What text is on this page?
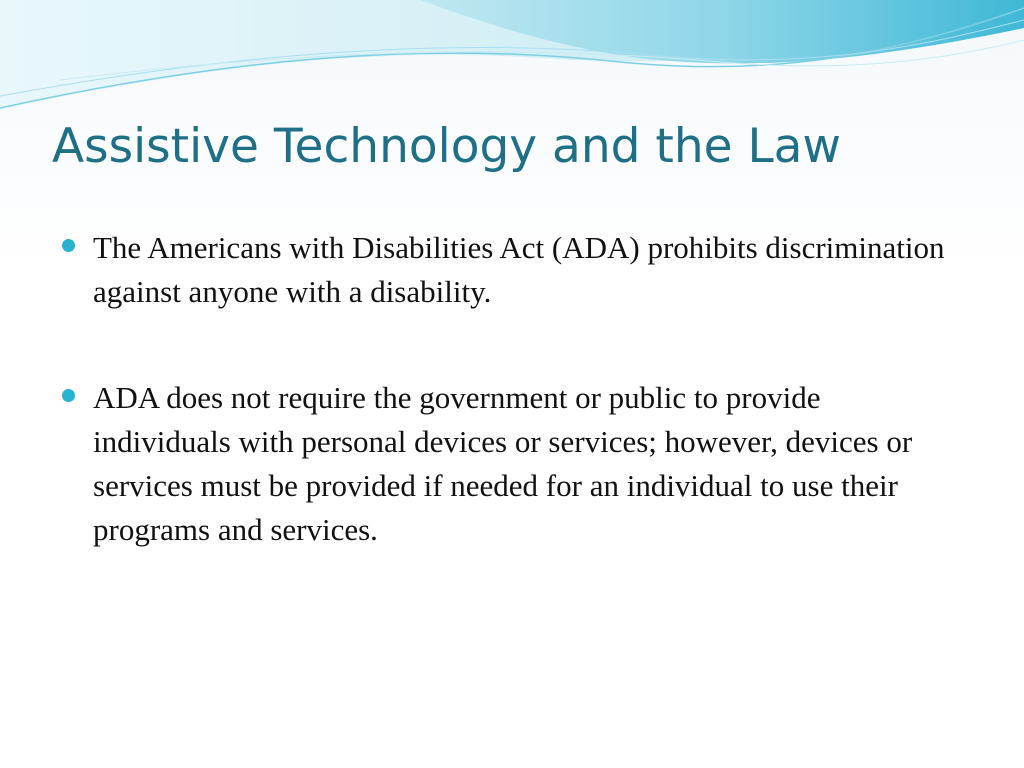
Assistive Technology and the Law
The Americans with Disabilities Act (ADA) prohibits discrimination against anyone with a disability.
ADA does not require the government or public to provide individuals with personal devices or services; however, devices or services must be provided if needed for an individual to use their programs and services.
